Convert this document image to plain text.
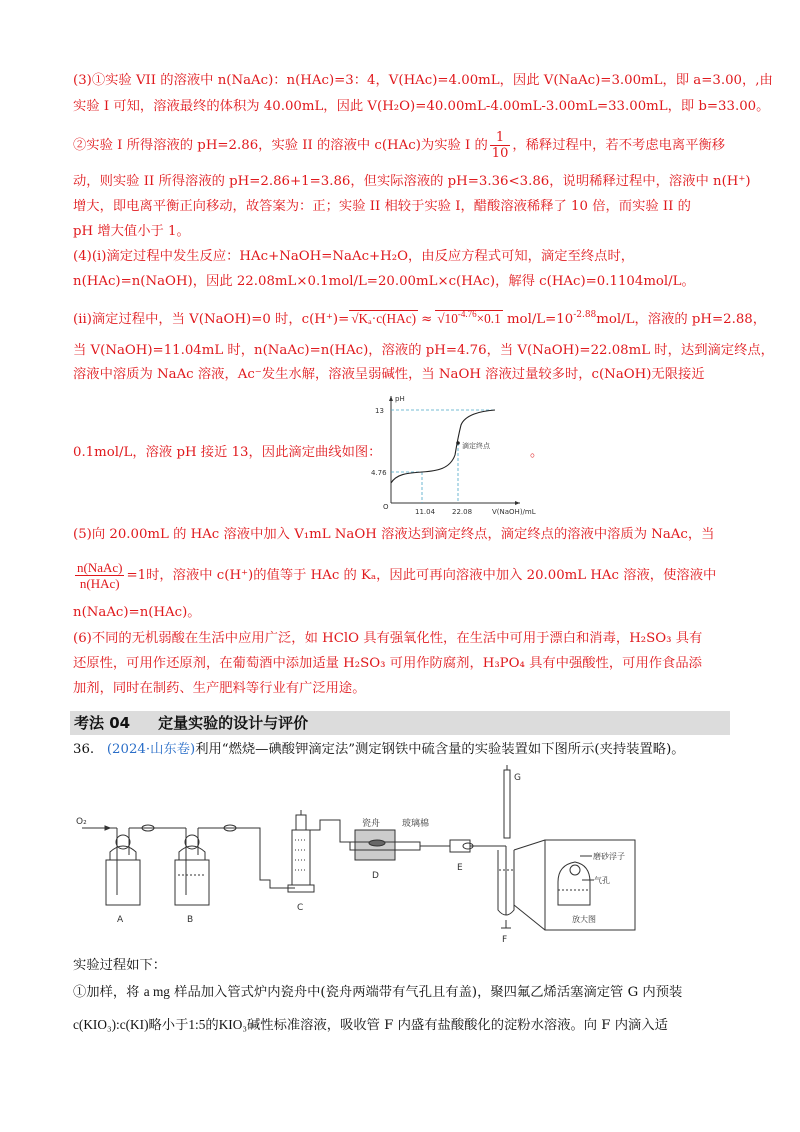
(3)①实验 VII 的溶液中 n(NaAc)：n(HAc)=3：4，V(HAc)=4.00mL，因此 V(NaAc)=3.00mL，即 a=3.00，,由
实验 I 可知，溶液最终的体积为 40.00mL，因此 V(H₂O)=40.00mL-4.00mL-3.00mL=33.00mL，即 b=33.00。
②实验 I 所得溶液的 pH=2.86，实验 II 的溶液中 c(HAc)为实验 I 的 $\frac{1}{10}$ ，稀释过程中，若不考虑电离平衡移
动，则实验 II 所得溶液的 pH=2.86+1=3.86，但实际溶液的 pH=3.36<3.86，说明稀释过程中，溶液中 n(H⁺)
增大，即电离平衡正向移动，故答案为：正；实验 II 相较于实验 I，醋酸溶液稀释了 10 倍，而实验 II 的
pH 增大值小于 1。
(4)(i)滴定过程中发生反应：HAc+NaOH=NaAc+H₂O，由反应方程式可知，滴定至终点时，
n(HAc)=n(NaOH)，因此 22.08mL×0.1mol/L=20.00mL×c(HAc)，解得 c(HAc)=0.1104mol/L。
(ii)滴定过程中，当 V(NaOH)=0 时，$c(H^+)= √K_a\cdot c(HAc) \approx √10^{-4.76}\times 0.1$ mol/$L=10^{-2.88}mol/L$，溶液的 pH=2.88，
当 V(NaOH)=11.04mL 时，n(NaAc)=n(HAc)，溶液的 pH=4.76，当 V(NaOH)=22.08mL 时，达到滴定终点，
溶液中溶质为 NaAc 溶液，Ac⁻发生水解，溶液呈弱碱性，当 NaOH 溶液过量较多时，c(NaOH)无限接近
0.1mol/L，溶液 pH 接近 13，因此滴定曲线如图：	。
pH
V(NaOH)/mL
O
13
4.76
11.04 22.08
滴定终点
(5)向 20.00mL 的 HAc 溶液中加入 V₁mL NaOH 溶液达到滴定终点，滴定终点的溶液中溶质为 NaAc，当
$\frac{\text{n(NaAc)}}{\text{n(HAc)}} =1$时，溶液中 c(H⁺)的值等于 HAc 的 Kₐ，因此可再向溶液中加入 20.00mL HAc 溶液，使溶液中
n(NaAc)=n(HAc)。
(6)不同的无机弱酸在生活中应用广泛，如 HClO 具有强氧化性，在生活中可用于漂白和消毒，H₂SO₃ 具有
还原性，可用作还原剂，在葡萄酒中添加适量 H₂SO₃ 可用作防腐剂，H₃PO₄ 具有中强酸性，可用作食品添
加剂，同时在制药、生产肥料等行业有广泛用途。
考法 04 定量实验的设计与评价
36. (2024·山东卷)利用“燃烧—碘酸钾滴定法”测定钢铁中硫含量的实验装置如下图所示(夹持装置略)。
O₂
A	B
C
D
E
F
G
瓷舟 玻璃棉
磨砂浮子
气孔
放大图
实验过程如下：
①加样，将 a mg 样品加入管式炉内瓷舟中(瓷舟两端带有气孔且有盖)，聚四氟乙烯活塞滴定管 G 内预装
c(KIO₃):c(KI)略小于1:5的KIO₃碱性标准溶液，吸收管 F 内盛有盐酸酸化的淀粉水溶液。向 F 内滴入适
